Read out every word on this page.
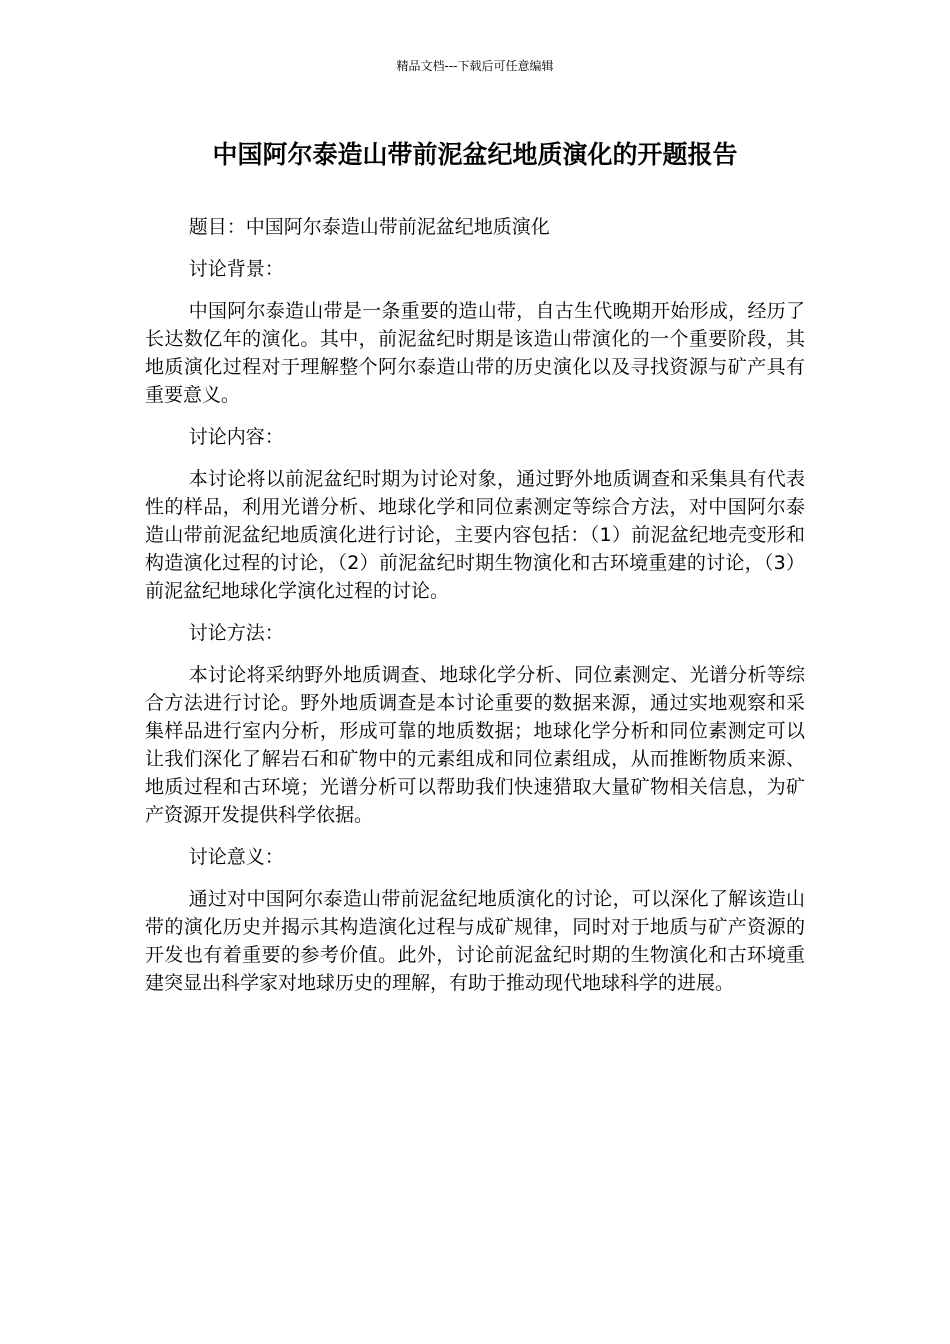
精品文档---下载后可任意编辑
中国阿尔泰造山带前泥盆纪地质演化的开题报告

题目：中国阿尔泰造山带前泥盆纪地质演化

讨论背景：

中国阿尔泰造山带是一条重要的造山带，自古生代晚期开始形成，经历了长达数亿年的演化。其中，前泥盆纪时期是该造山带演化的一个重要阶段，其地质演化过程对于理解整个阿尔泰造山带的历史演化以及寻找资源与矿产具有重要意义。

讨论内容：

本讨论将以前泥盆纪时期为讨论对象，通过野外地质调查和采集具有代表性的样品，利用光谱分析、地球化学和同位素测定等综合方法，对中国阿尔泰造山带前泥盆纪地质演化进行讨论，主要内容包括：（1）前泥盆纪地壳变形和构造演化过程的讨论，（2）前泥盆纪时期生物演化和古环境重建的讨论，（3）前泥盆纪地球化学演化过程的讨论。

讨论方法：

本讨论将采纳野外地质调查、地球化学分析、同位素测定、光谱分析等综合方法进行讨论。野外地质调查是本讨论重要的数据来源，通过实地观察和采集样品进行室内分析，形成可靠的地质数据；地球化学分析和同位素测定可以让我们深化了解岩石和矿物中的元素组成和同位素组成，从而推断物质来源、地质过程和古环境；光谱分析可以帮助我们快速猎取大量矿物相关信息，为矿产资源开发提供科学依据。

讨论意义：

通过对中国阿尔泰造山带前泥盆纪地质演化的讨论，可以深化了解该造山带的演化历史并揭示其构造演化过程与成矿规律，同时对于地质与矿产资源的开发也有着重要的参考价值。此外，讨论前泥盆纪时期的生物演化和古环境重建突显出科学家对地球历史的理解，有助于推动现代地球科学的进展。
